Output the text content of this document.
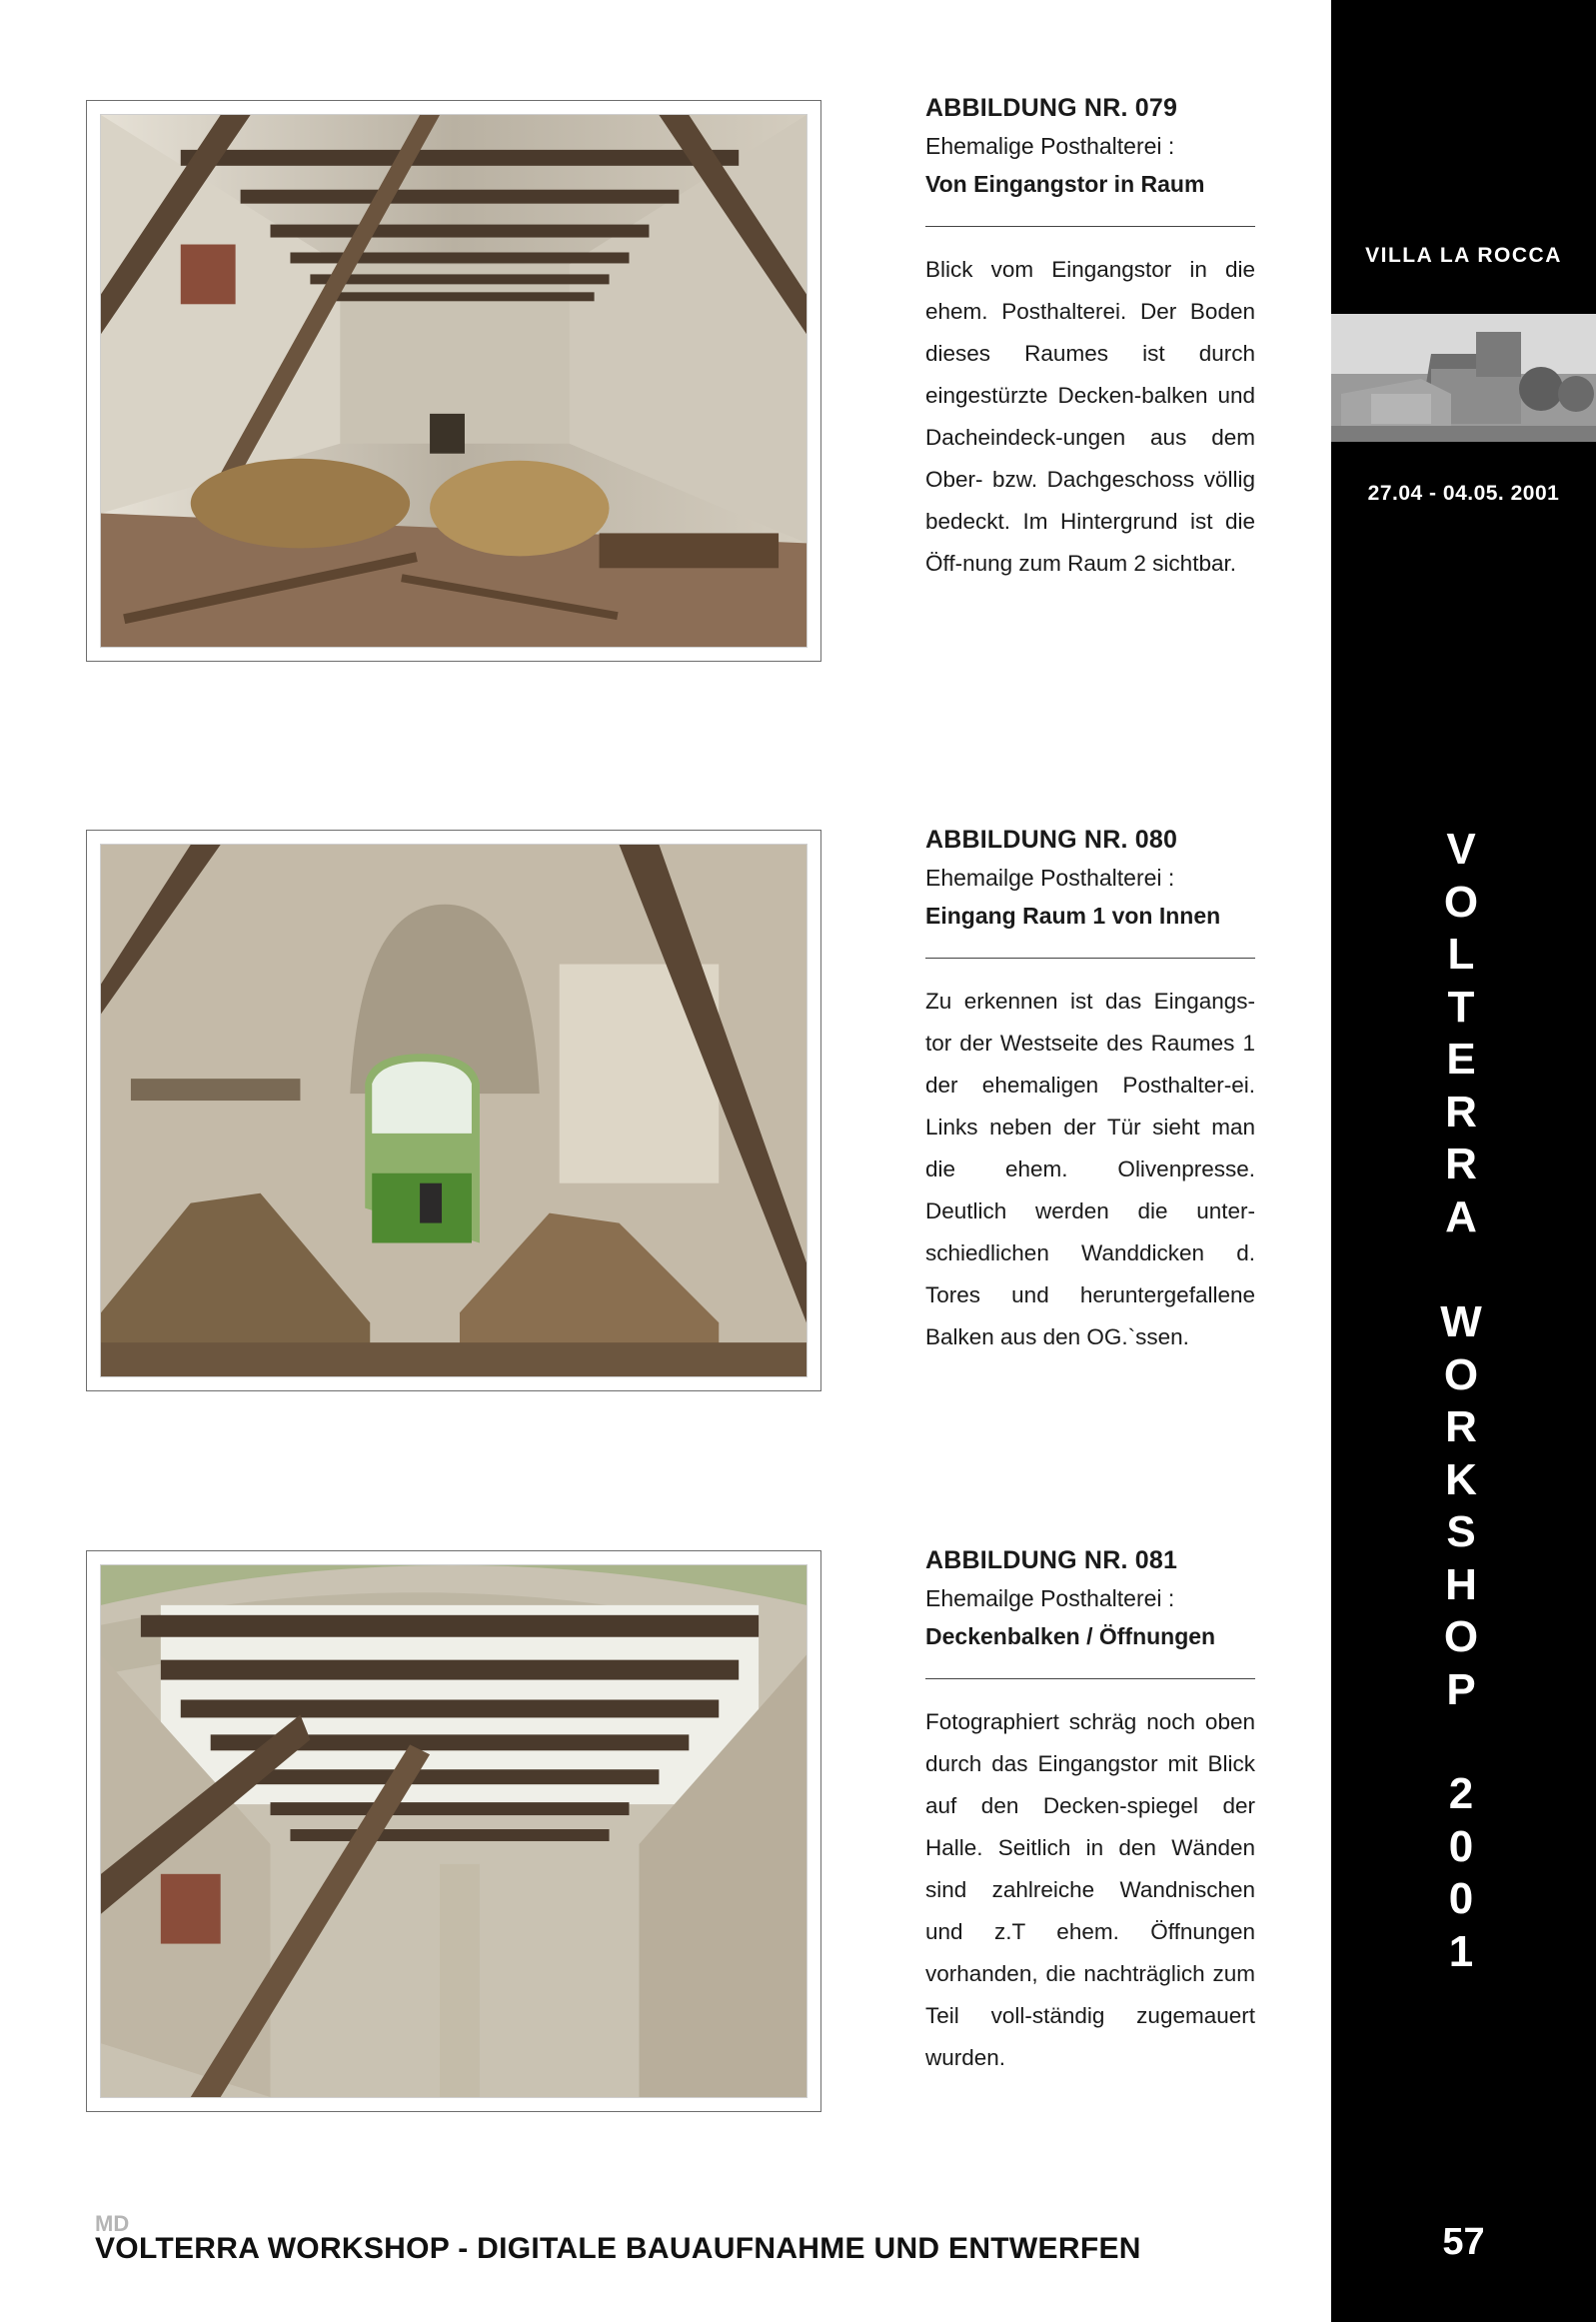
ABBILDUNG NR. 079

Ehemalige Posthalterei :

Von Eingangstor in Raum

Blick vom Eingangstor in die ehem. Posthalterei. Der Boden dieses Raumes ist durch eingestürzte Decken-balken und Dacheindeck-ungen aus dem Ober- bzw. Dachgeschoss völlig bedeckt. Im Hintergrund ist die Öff-nung zum Raum 2 sichtbar.

ABBILDUNG NR. 080

Ehemailge Posthalterei :

Eingang Raum 1 von Innen

Zu erkennen ist das Eingangs-tor der Westseite des Raumes 1 der ehemaligen Posthalter-ei. Links neben der Tür sieht man die ehem. Olivenpresse. Deutlich werden die unter-schiedlichen Wanddicken d. Tores und heruntergefallene Balken aus den OG.`ssen.

ABBILDUNG NR. 081

Ehemailge Posthalterei :

Deckenbalken / Öffnungen

Fotographiert schräg noch oben durch das Eingangstor mit Blick auf den Decken-spiegel der Halle. Seitlich in den Wänden sind zahlreiche Wandnischen und z.T ehem. Öffnungen vorhanden, die nachträglich zum Teil voll-ständig zugemauert wurden.

VILLA LA ROCCA
27.04 - 04.05. 2001
V
O
L
T
E
R
R
A
W
O
R
K
S
H
O
P
2
0
0
1
57
MD
VOLTERRA WORKSHOP - DIGITALE BAUAUFNAHME UND ENTWERFEN
